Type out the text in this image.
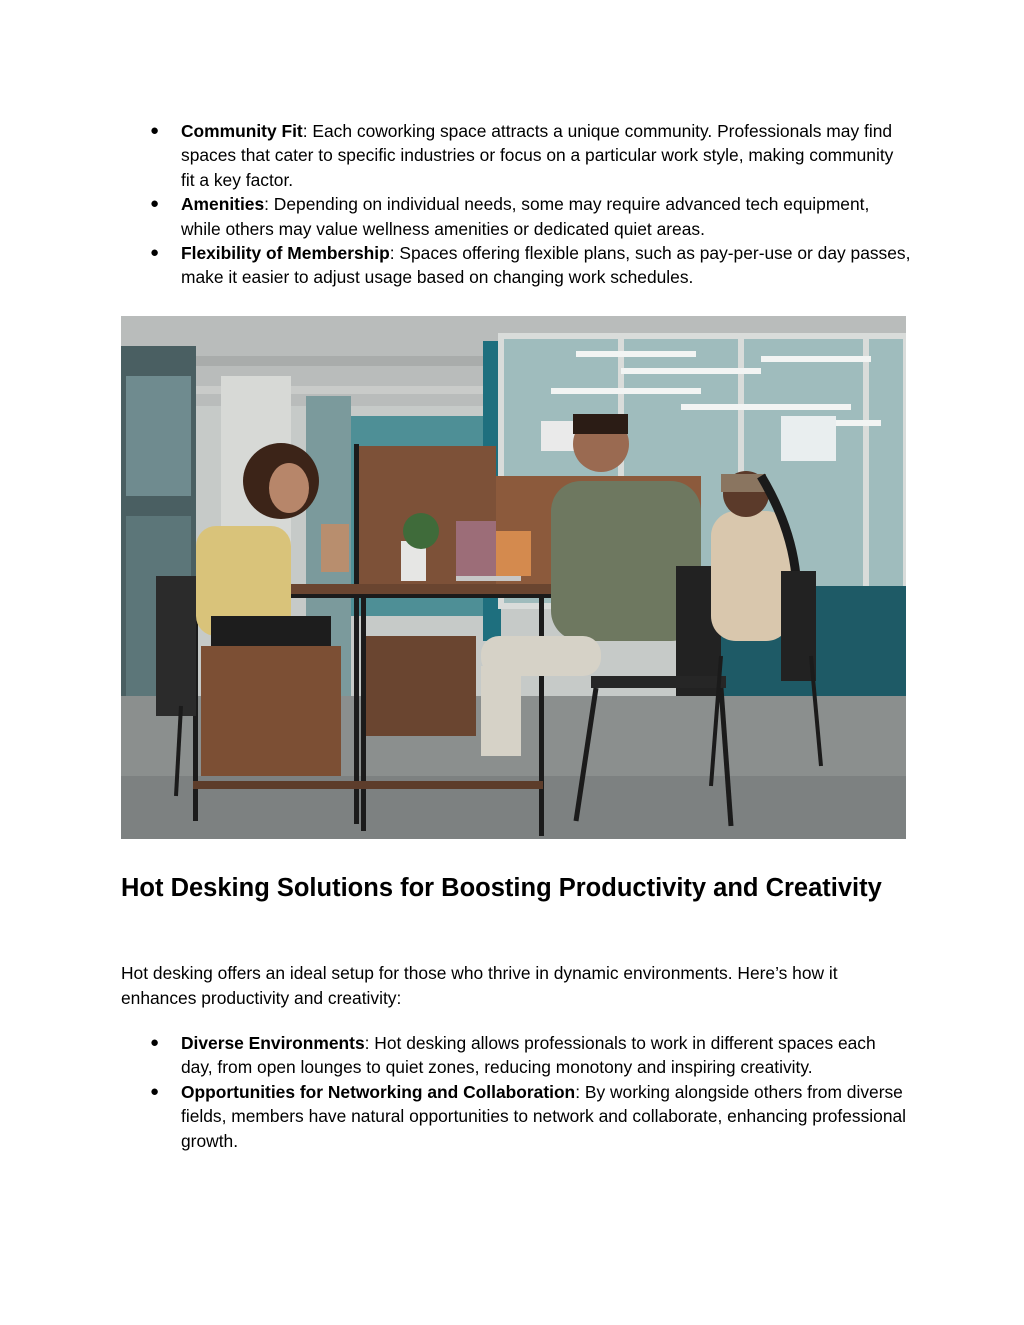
● Community Fit: Each coworking space attracts a unique community. Professionals may find spaces that cater to specific industries or focus on a particular work style, making community fit a key factor.
● Amenities: Depending on individual needs, some may require advanced tech equipment, while others may value wellness amenities or dedicated quiet areas.
● Flexibility of Membership: Spaces offering flexible plans, such as pay-per-use or day passes, make it easier to adjust usage based on changing work schedules.
Hot Desking Solutions for Boosting Productivity and Creativity

Hot desking offers an ideal setup for those who thrive in dynamic environments. Here’s how it enhances productivity and creativity:

● Diverse Environments: Hot desking allows professionals to work in different spaces each day, from open lounges to quiet zones, reducing monotony and inspiring creativity.
● Opportunities for Networking and Collaboration: By working alongside others from diverse fields, members have natural opportunities to network and collaborate, enhancing professional growth.
